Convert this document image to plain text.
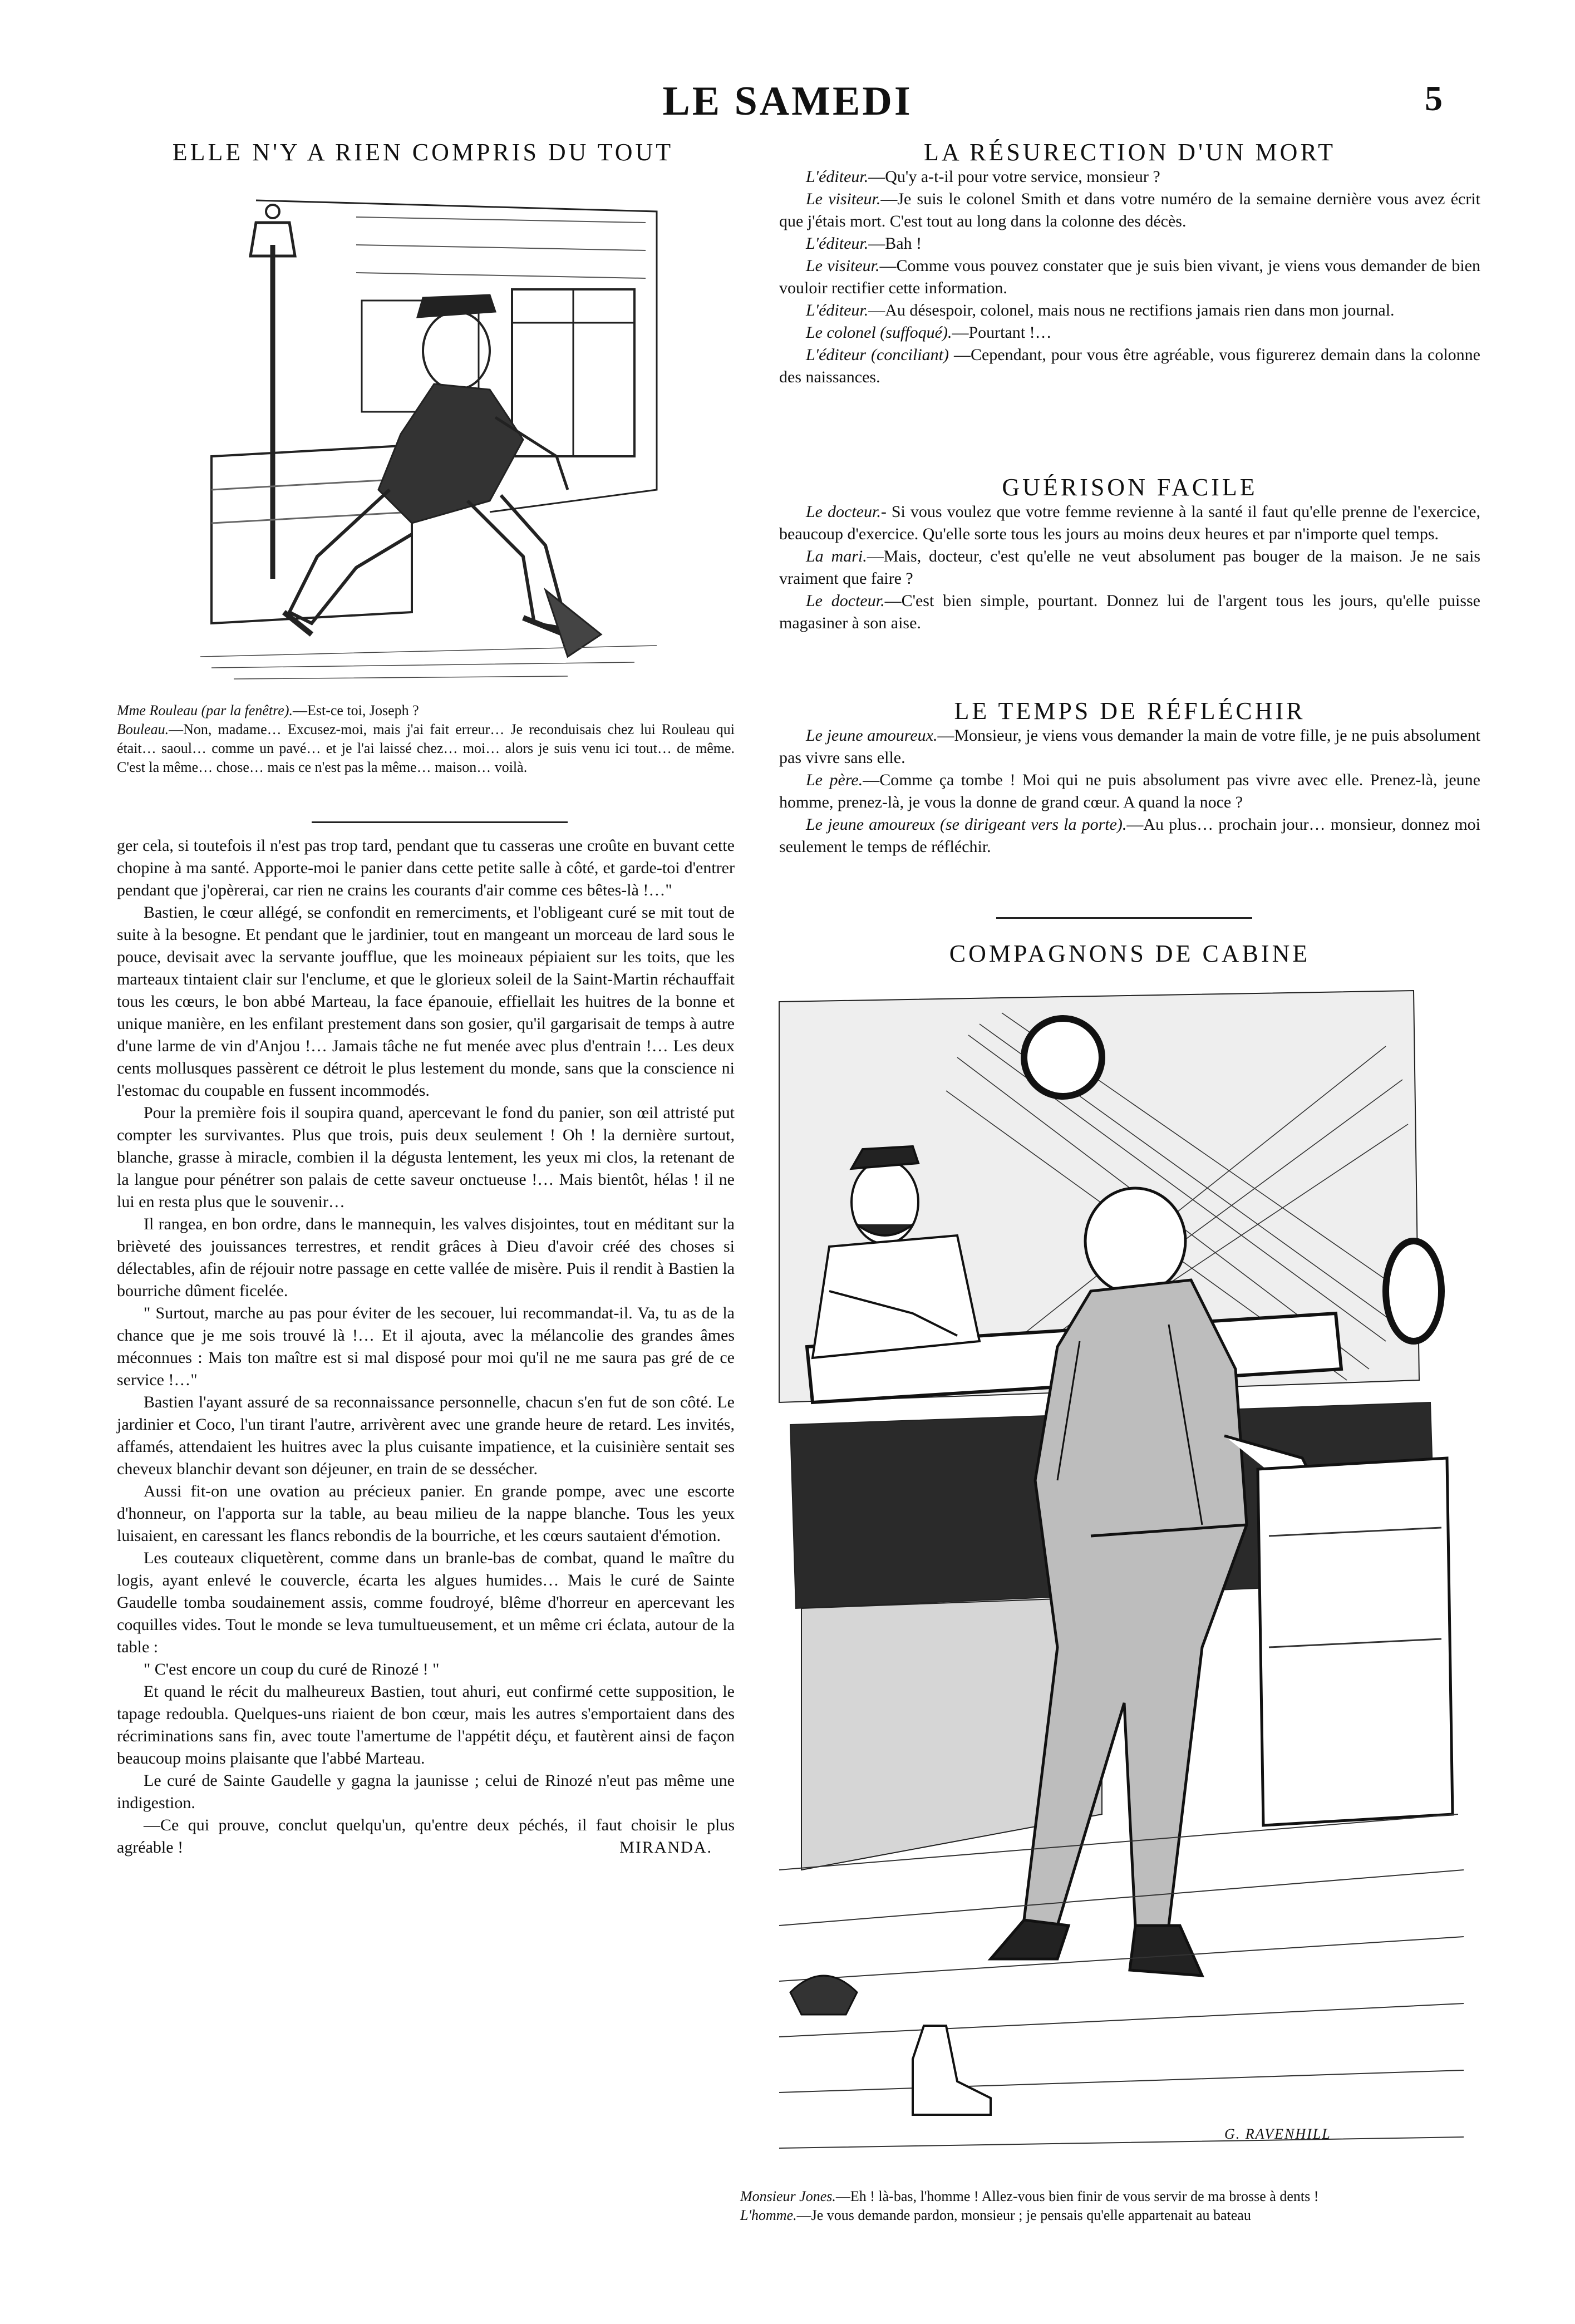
LE SAMEDI	5
ELLE N'Y A RIEN COMPRIS DU TOUT

Mme Rouleau (par la fenêtre).—Est-ce toi, Joseph ?

Bouleau.—Non, madame… Excusez-moi, mais j'ai fait erreur… Je reconduisais chez lui Rouleau qui était… saoul… comme un pavé… et je l'ai laissé chez… moi… alors je suis venu ici tout… de même. C'est la même… chose… mais ce n'est pas la même… maison… voilà.

ger cela, si toutefois il n'est pas trop tard, pendant que tu casseras une croûte en buvant cette chopine à ma santé. Apporte-moi le panier dans cette petite salle à côté, et garde-toi d'entrer pendant que j'opèrerai, car rien ne crains les courants d'air comme ces bêtes-là !…"

Bastien, le cœur allégé, se confondit en remerciments, et l'obligeant curé se mit tout de suite à la besogne. Et pendant que le jardinier, tout en mangeant un morceau de lard sous le pouce, devisait avec la servante joufflue, que les moineaux pépiaient sur les toits, que les marteaux tintaient clair sur l'enclume, et que le glorieux soleil de la Saint-Martin réchauffait tous les cœurs, le bon abbé Marteau, la face épanouie, effiellait les huitres de la bonne et unique manière, en les enfilant prestement dans son gosier, qu'il gargarisait de temps à autre d'une larme de vin d'Anjou !… Jamais tâche ne fut menée avec plus d'entrain !… Les deux cents mollusques passèrent ce détroit le plus lestement du monde, sans que la conscience ni l'estomac du coupable en fussent incommodés.

Pour la première fois il soupira quand, apercevant le fond du panier, son œil attristé put compter les survivantes. Plus que trois, puis deux seulement ! Oh ! la dernière surtout, blanche, grasse à miracle, combien il la dégusta lentement, les yeux mi clos, la retenant de la langue pour pénétrer son palais de cette saveur onctueuse !… Mais bientôt, hélas ! il ne lui en resta plus que le souvenir…

Il rangea, en bon ordre, dans le mannequin, les valves disjointes, tout en méditant sur la brièveté des jouissances terrestres, et rendit grâces à Dieu d'avoir créé des choses si délectables, afin de réjouir notre passage en cette vallée de misère. Puis il rendit à Bastien la bourriche dûment ficelée.

" Surtout, marche au pas pour éviter de les secouer, lui recommandat-il. Va, tu as de la chance que je me sois trouvé là !… Et il ajouta, avec la mélancolie des grandes âmes méconnues : Mais ton maître est si mal disposé pour moi qu'il ne me saura pas gré de ce service !…"

Bastien l'ayant assuré de sa reconnaissance personnelle, chacun s'en fut de son côté. Le jardinier et Coco, l'un tirant l'autre, arrivèrent avec une grande heure de retard. Les invités, affamés, attendaient les huitres avec la plus cuisante impatience, et la cuisinière sentait ses cheveux blanchir devant son déjeuner, en train de se dessécher.

Aussi fit-on une ovation au précieux panier. En grande pompe, avec une escorte d'honneur, on l'apporta sur la table, au beau milieu de la nappe blanche. Tous les yeux luisaient, en caressant les flancs rebondis de la bourriche, et les cœurs sautaient d'émotion.

Les couteaux cliquetèrent, comme dans un branle-bas de combat, quand le maître du logis, ayant enlevé le couvercle, écarta les algues humides… Mais le curé de Sainte Gaudelle tomba soudainement assis, comme foudroyé, blême d'horreur en apercevant les coquilles vides. Tout le monde se leva tumultueusement, et un même cri éclata, autour de la table :

" C'est encore un coup du curé de Rinozé ! "

Et quand le récit du malheureux Bastien, tout ahuri, eut confirmé cette supposition, le tapage redoubla. Quelques-uns riaient de bon cœur, mais les autres s'emportaient dans des récriminations sans fin, avec toute l'amertume de l'appétit déçu, et fautèrent ainsi de façon beaucoup moins plaisante que l'abbé Marteau.

Le curé de Sainte Gaudelle y gagna la jaunisse ; celui de Rinozé n'eut pas même une indigestion.

—Ce qui prouve, conclut quelqu'un, qu'entre deux péchés, il faut choisir le plus agréable !	MIRANDA.

LA RÉSURECTION D'UN MORT

L'éditeur.—Qu'y a-t-il pour votre service, monsieur ?

Le visiteur.—Je suis le colonel Smith et dans votre numéro de la semaine dernière vous avez écrit que j'étais mort. C'est tout au long dans la colonne des décès.

L'éditeur.—Bah !

Le visiteur.—Comme vous pouvez constater que je suis bien vivant, je viens vous demander de bien vouloir rectifier cette information.

L'éditeur.—Au désespoir, colonel, mais nous ne rectifions jamais rien dans mon journal.

Le colonel (suffoqué).—Pourtant !…

L'éditeur (conciliant) —Cependant, pour vous être agréable, vous figurerez demain dans la colonne des naissances.

GUÉRISON FACILE

Le docteur.- Si vous voulez que votre femme revienne à la santé il faut qu'elle prenne de l'exercice, beaucoup d'exercice. Qu'elle sorte tous les jours au moins deux heures et par n'importe quel temps.

La mari.—Mais, docteur, c'est qu'elle ne veut absolument pas bouger de la maison. Je ne sais vraiment que faire ?

Le docteur.—C'est bien simple, pourtant. Donnez lui de l'argent tous les jours, qu'elle puisse magasiner à son aise.

LE TEMPS DE RÉFLÉCHIR

Le jeune amoureux.—Monsieur, je viens vous demander la main de votre fille, je ne puis absolument pas vivre sans elle.

Le père.—Comme ça tombe ! Moi qui ne puis absolument pas vivre avec elle. Prenez-là, jeune homme, prenez-là, je vous la donne de grand cœur. A quand la noce ?

Le jeune amoureux (se dirigeant vers la porte).—Au plus… prochain jour… monsieur, donnez moi seulement le temps de réfléchir.

COMPAGNONS DE CABINE
G. RAVENHILL

Monsieur Jones.—Eh ! là-bas, l'homme ! Allez-vous bien finir de vous servir de ma brosse à dents !

L'homme.—Je vous demande pardon, monsieur ; je pensais qu'elle appartenait au bateau
